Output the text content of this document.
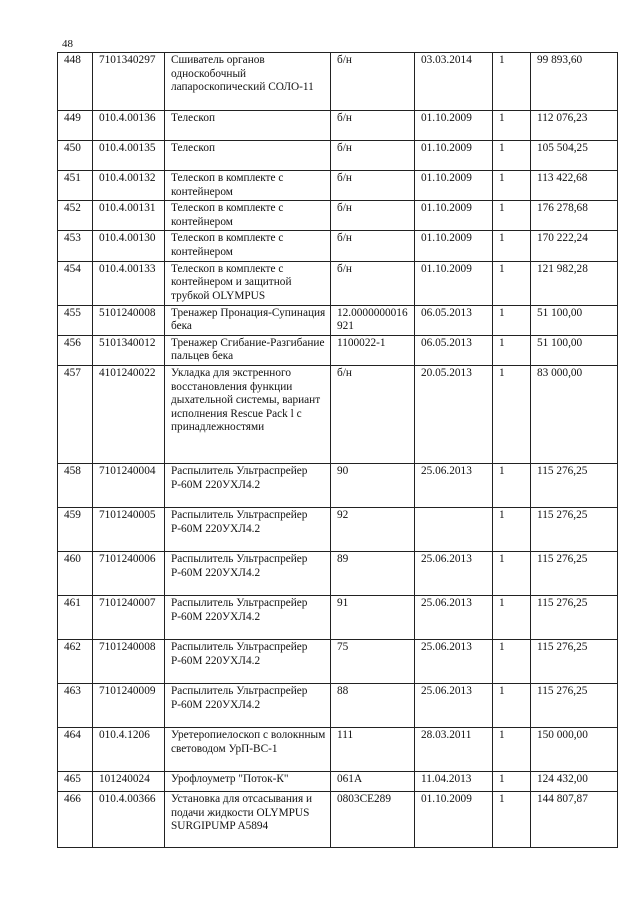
48
448	7101340297	Сшиватель органов односкобочный лапароскопический СОЛО-11	б/н	03.03.2014	1	99 893,60
449	010.4.00136	Телескоп	б/н	01.10.2009	1	112 076,23
450	010.4.00135	Телескоп	б/н	01.10.2009	1	105 504,25
451	010.4.00132	Телескоп в комплекте с контейнером	б/н	01.10.2009	1	113 422,68
452	010.4.00131	Телескоп в комплекте с контейнером	б/н	01.10.2009	1	176 278,68
453	010.4.00130	Телескоп в комплекте с контейнером	б/н	01.10.2009	1	170 222,24
454	010.4.00133	Телескоп в комплекте с контейнером и защитной трубкой OLYMPUS	б/н	01.10.2009	1	121 982,28
455	5101240008	Тренажер Пронация-Супинация бека	12.0000000016921	06.05.2013	1	51 100,00
456	5101340012	Тренажер Сгибание-Разгибание пальцев бека	1100022-1	06.05.2013	1	51 100,00
457	4101240022	Укладка для экстренного восстановления функции дыхательной системы, вариант исполнения Rescue Pack l с принадлежностями	б/н	20.05.2013	1	83 000,00
458	7101240004	Распылитель Ультраспрейер Р-60М 220УХЛ4.2	90	25.06.2013	1	115 276,25
459	7101240005	Распылитель Ультраспрейер Р-60М 220УХЛ4.2	92		1	115 276,25
460	7101240006	Распылитель Ультраспрейер Р-60М 220УХЛ4.2	89	25.06.2013	1	115 276,25
461	7101240007	Распылитель Ультраспрейер Р-60М 220УХЛ4.2	91	25.06.2013	1	115 276,25
462	7101240008	Распылитель Ультраспрейер Р-60М 220УХЛ4.2	75	25.06.2013	1	115 276,25
463	7101240009	Распылитель Ультраспрейер Р-60М 220УХЛ4.2	88	25.06.2013	1	115 276,25
464	010.4.1206	Уретеропиелоскоп с волокнным световодом УрП-ВС-1	111	28.03.2011	1	150 000,00
465	101240024	Урофлоуметр "Поток-К"	061А	11.04.2013	1	124 432,00
466	010.4.00366	Установка для отсасывания и подачи жидкости OLYMPUS SURGIPUMP A5894	0803CE289	01.10.2009	1	144 807,87
